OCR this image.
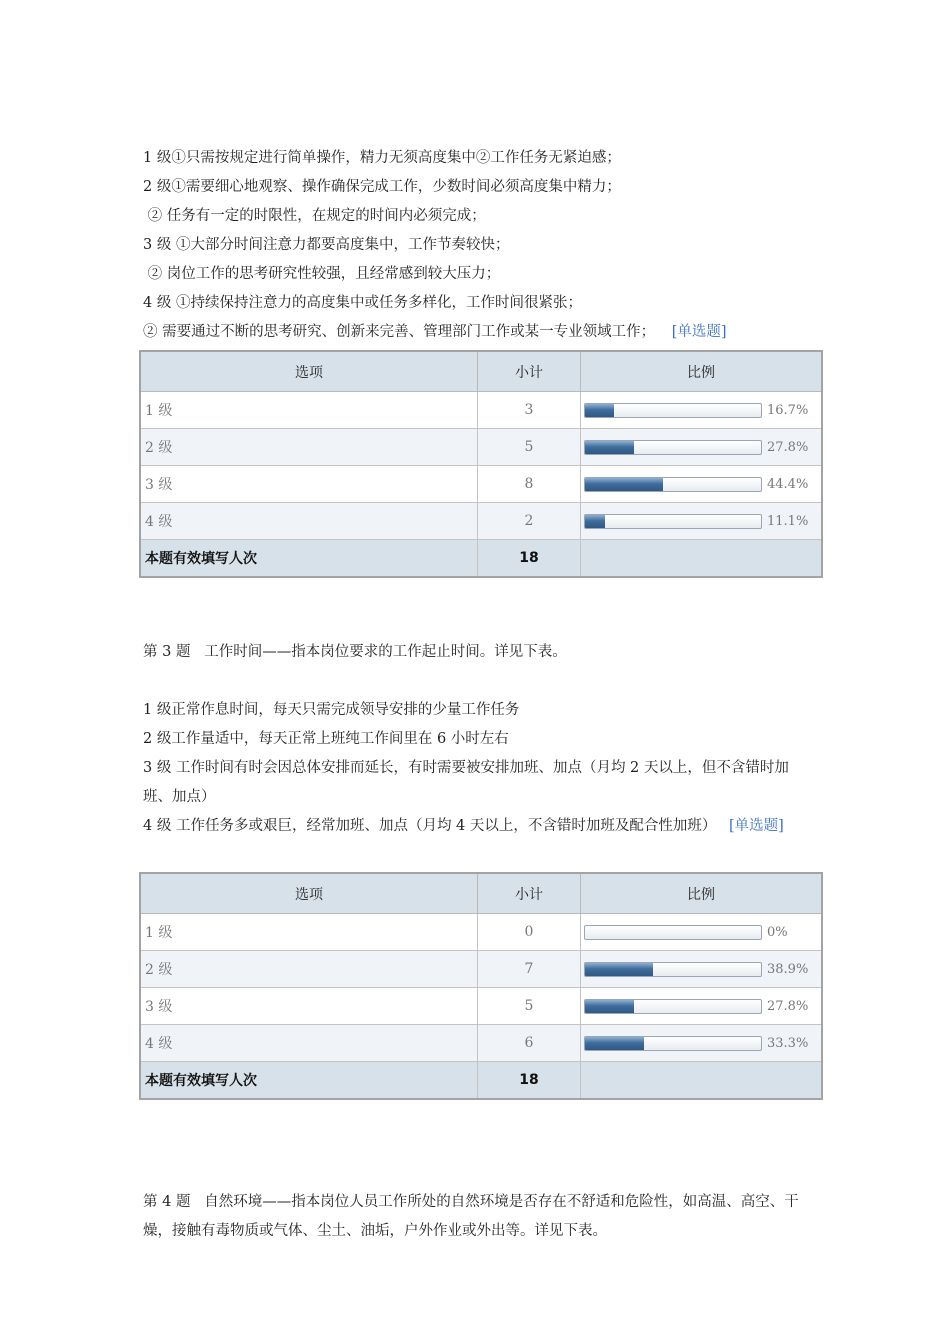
1 级①只需按规定进行简单操作，精力无须高度集中②工作任务无紧迫感；
2 级①需要细心地观察、操作确保完成工作，少数时间必须高度集中精力；
② 任务有一定的时限性，在规定的时间内必须完成；
3 级 ①大部分时间注意力都要高度集中，工作节奏较快；
② 岗位工作的思考研究性较强，且经常感到较大压力；
4 级 ①持续保持注意力的高度集中或任务多样化，工作时间很紧张；
② 需要通过不断的思考研究、创新来完善、管理部门工作或某一专业领域工作； [单选题]
选项	小计	比例
1 级	3	16.7%

2 级	5	27.8%

3 级	8	44.4%

4 级	2	11.1%

本题有效填写人次	18	
第 3 题   工作时间——指本岗位要求的工作起止时间。详见下表。
1 级正常作息时间，每天只需完成领导安排的少量工作任务
2 级工作量适中，每天正常上班纯工作间里在 6 小时左右
3 级 工作时间有时会因总体安排而延长，有时需要被安排加班、加点（月均 2 天以上，但不含错时加班、加点）
4 级 工作任务多或艰巨，经常加班、加点（月均 4 天以上，不含错时加班及配合性加班） [单选题]
选项	小计	比例
1 级	0	0%

2 级	7	38.9%

3 级	5	27.8%

4 级	6	33.3%

本题有效填写人次	18	
第 4 题   自然环境——指本岗位人员工作所处的自然环境是否存在不舒适和危险性，如高温、高空、干燥，接触有毒物质或气体、尘土、油垢，户外作业或外出等。详见下表。
